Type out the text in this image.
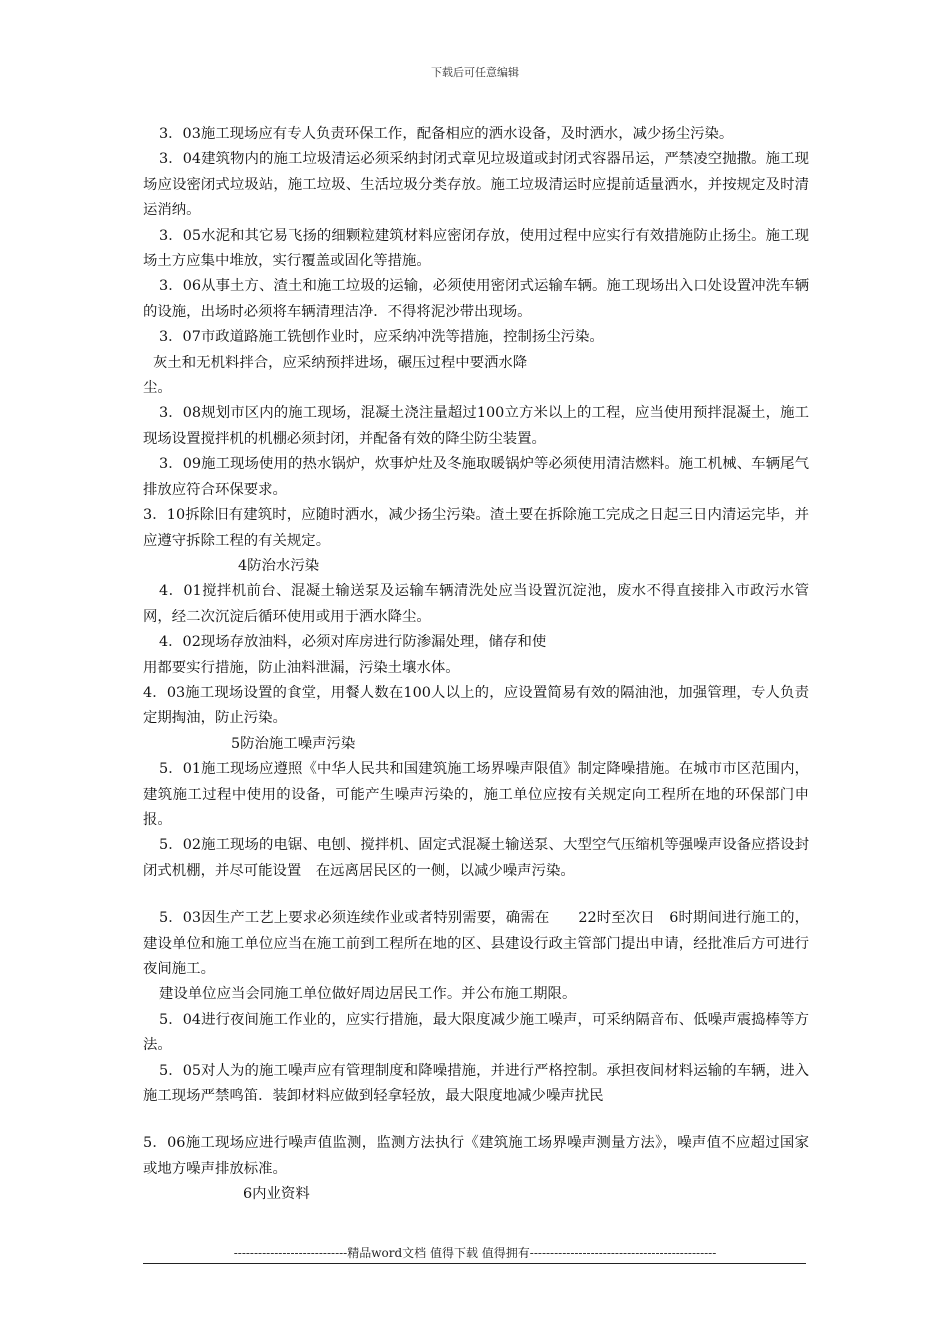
下载后可任意编辑

3．03施工现场应有专人负责环保工作，配备相应的洒水设备，及时洒水，减少扬尘污染。

3．04建筑物内的施工垃圾清运必须采纳封闭式章见垃圾道或封闭式容器吊运，严禁凌空抛撒。施工现场应设密闭式垃圾站，施工垃圾、生活垃圾分类存放。施工垃圾清运时应提前适量洒水，并按规定及时清运消纳。

3．05水泥和其它易飞扬的细颗粒建筑材料应密闭存放，使用过程中应实行有效措施防止扬尘。施工现场土方应集中堆放，实行覆盖或固化等措施。

3．06从事土方、渣土和施工垃圾的运输，必须使用密闭式运输车辆。施工现场出入口处设置冲洗车辆的设施，出场时必须将车辆清理洁净．不得将泥沙带出现场。

3．07市政道路施工铣刨作业时，应采纳冲洗等措施，控制扬尘污染。

灰土和无机料拌合，应采纳预拌进场，碾压过程中要洒水降

尘。

3．08规划市区内的施工现场，混凝土浇注量超过100立方米以上的工程，应当使用预拌混凝土，施工现场设置搅拌机的机棚必须封闭，并配备有效的降尘防尘装置。

3．09施工现场使用的热水锅炉，炊事炉灶及冬施取暖锅炉等必须使用清洁燃料。施工机械、车辆尾气排放应符合环保要求。

3．10拆除旧有建筑时，应随时洒水，减少扬尘污染。渣土要在拆除施工完成之日起三日内清运完毕，并应遵守拆除工程的有关规定。

4防治水污染

4．01搅拌机前台、混凝土输送泵及运输车辆清洗处应当设置沉淀池，废水不得直接排入市政污水管网，经二次沉淀后循环使用或用于洒水降尘。

4．02现场存放油料，必须对库房进行防渗漏处理，储存和使

用都要实行措施，防止油料泄漏，污染土壤水体。

4．03施工现场设置的食堂，用餐人数在100人以上的，应设置简易有效的隔油池，加强管理，专人负责定期掏油，防止污染。

5防治施工噪声污染

5．01施工现场应遵照《中华人民共和国建筑施工场界噪声限值》制定降噪措施。在城市市区范围内，建筑施工过程中使用的设备，可能产生噪声污染的，施工单位应按有关规定向工程所在地的环保部门申报。

5．02施工现场的电锯、电刨、搅拌机、固定式混凝土输送泵、大型空气压缩机等强噪声设备应搭设封闭式机棚，并尽可能设置　在远离居民区的一侧，以减少噪声污染。

5．03因生产工艺上要求必须连续作业或者特别需要，确需在　　22时至次日　6时期间进行施工的，建设单位和施工单位应当在施工前到工程所在地的区、县建设行政主管部门提出申请，经批准后方可进行夜间施工。

建设单位应当会同施工单位做好周边居民工作。并公布施工期限。

5．04进行夜间施工作业的，应实行措施，最大限度减少施工噪声，可采纳隔音布、低噪声震捣棒等方法。

5．05对人为的施工噪声应有管理制度和降噪措施，并进行严格控制。承担夜间材料运输的车辆，进入施工现场严禁鸣笛．装卸材料应做到轻拿轻放，最大限度地减少噪声扰民

5．06施工现场应进行噪声值监测，监测方法执行《建筑施工场界噪声测量方法》，噪声值不应超过国家或地方噪声排放标准。

6内业资料

----------------------------精品word文档 值得下载 值得拥有----------------------------------------------
